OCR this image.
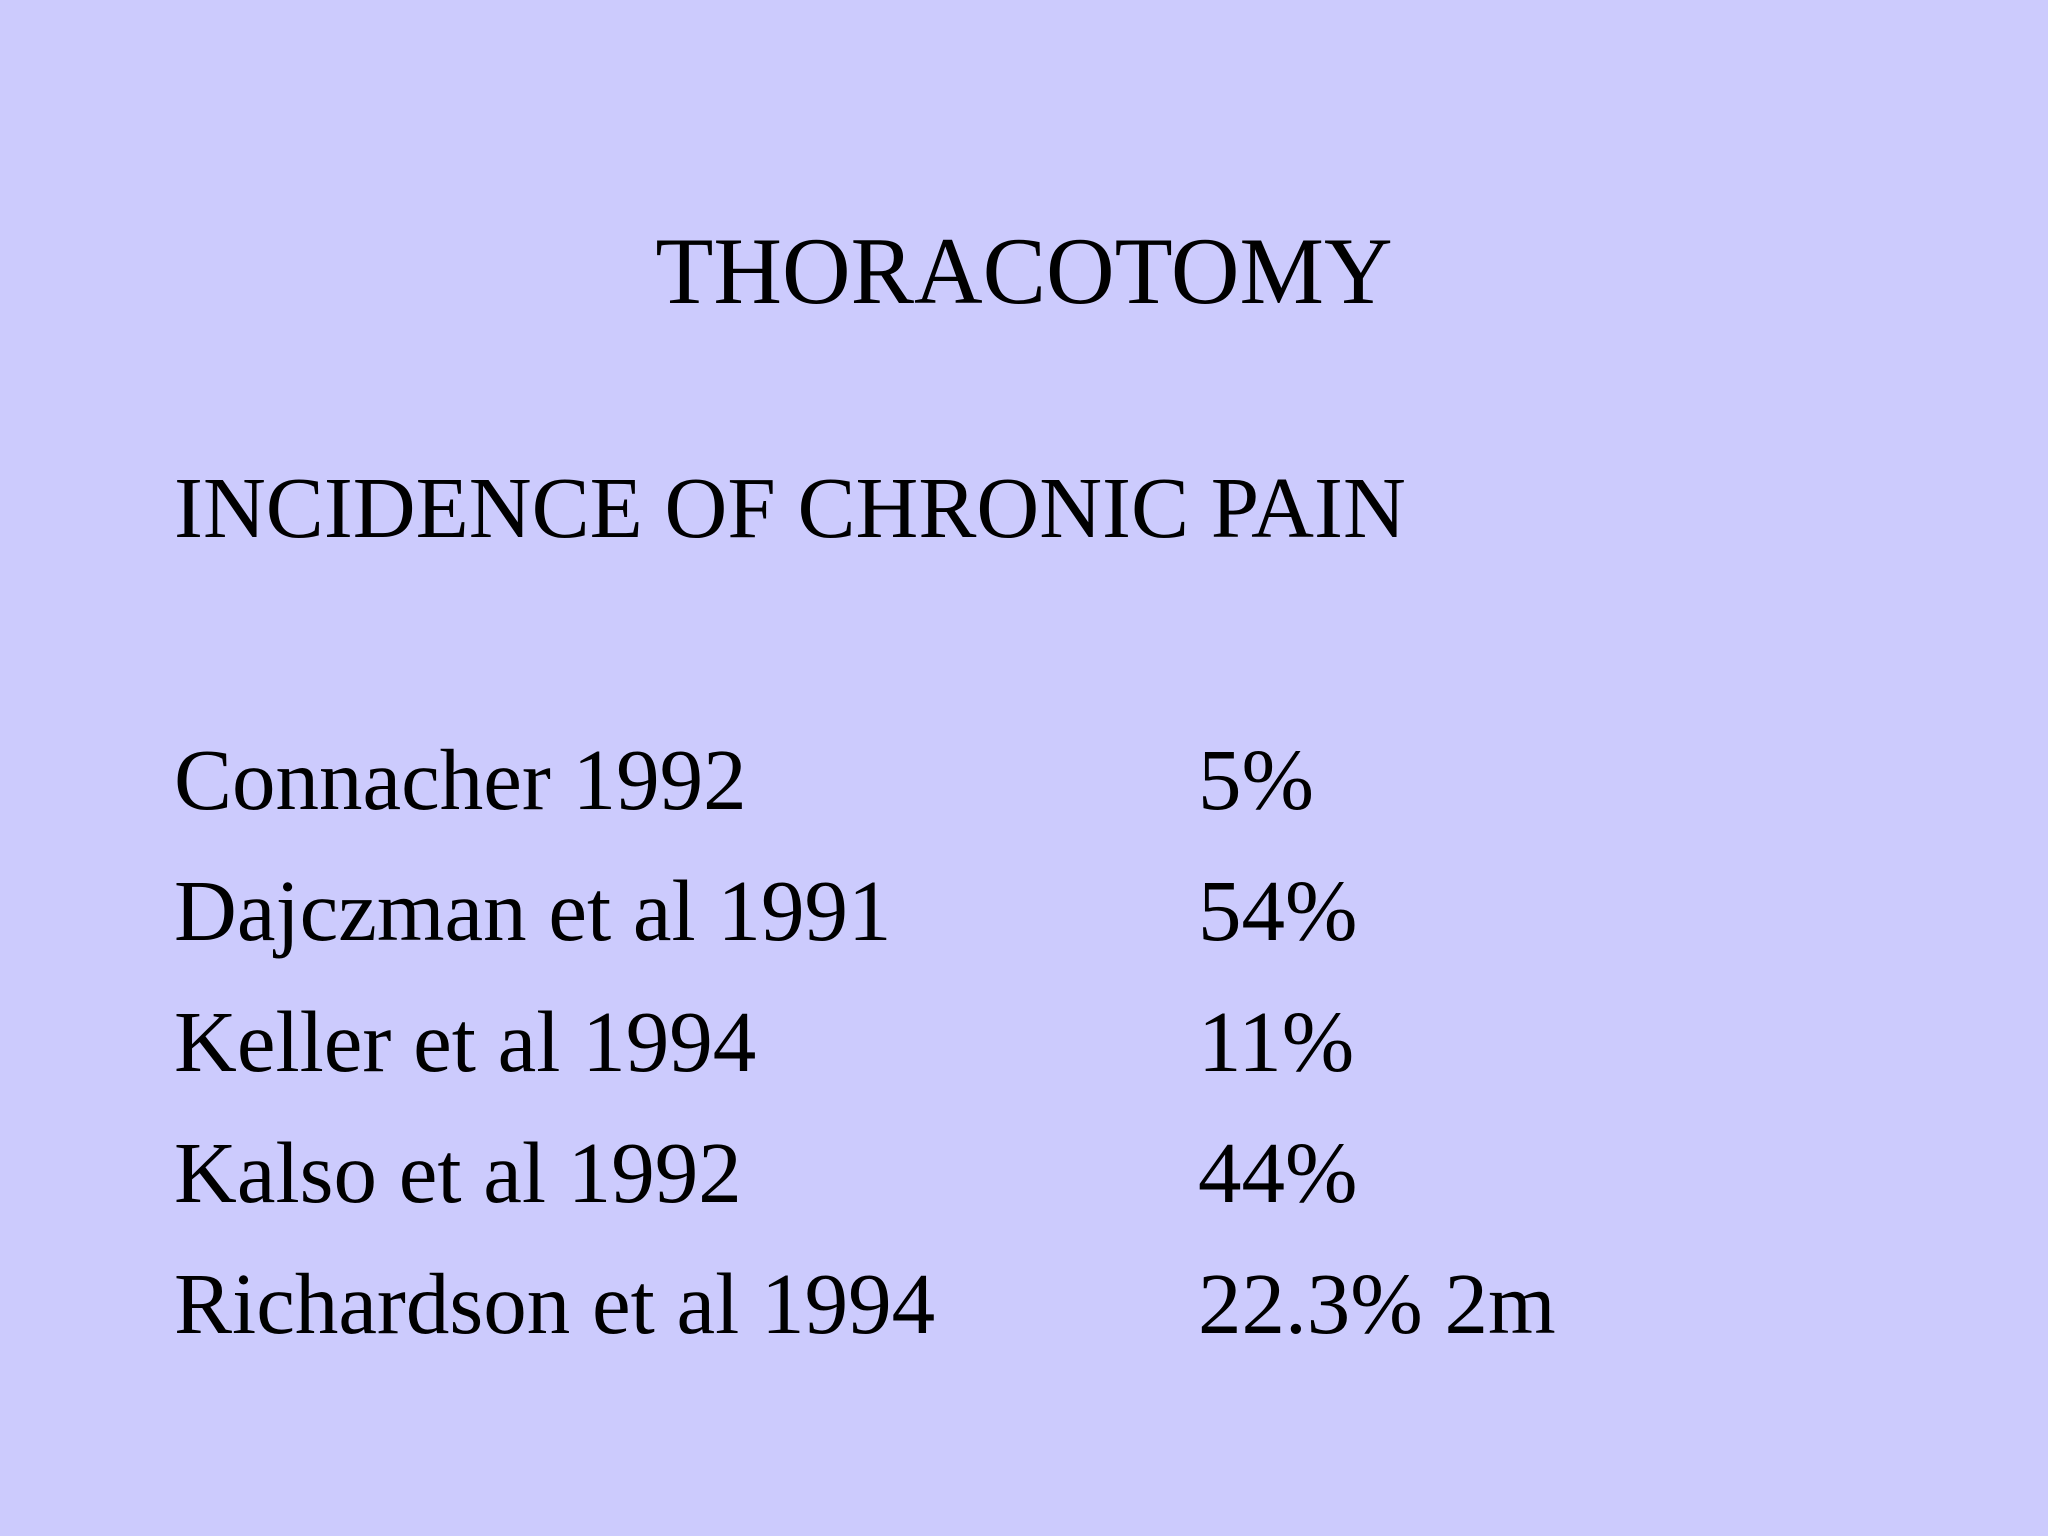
THORACOTOMY
INCIDENCE OF CHRONIC PAIN
Connacher 1992	5%
Dajczman et al 1991	54%
Keller et al 1994	11%
Kalso et al 1992	44%
Richardson et al 1994	22.3% 2m
